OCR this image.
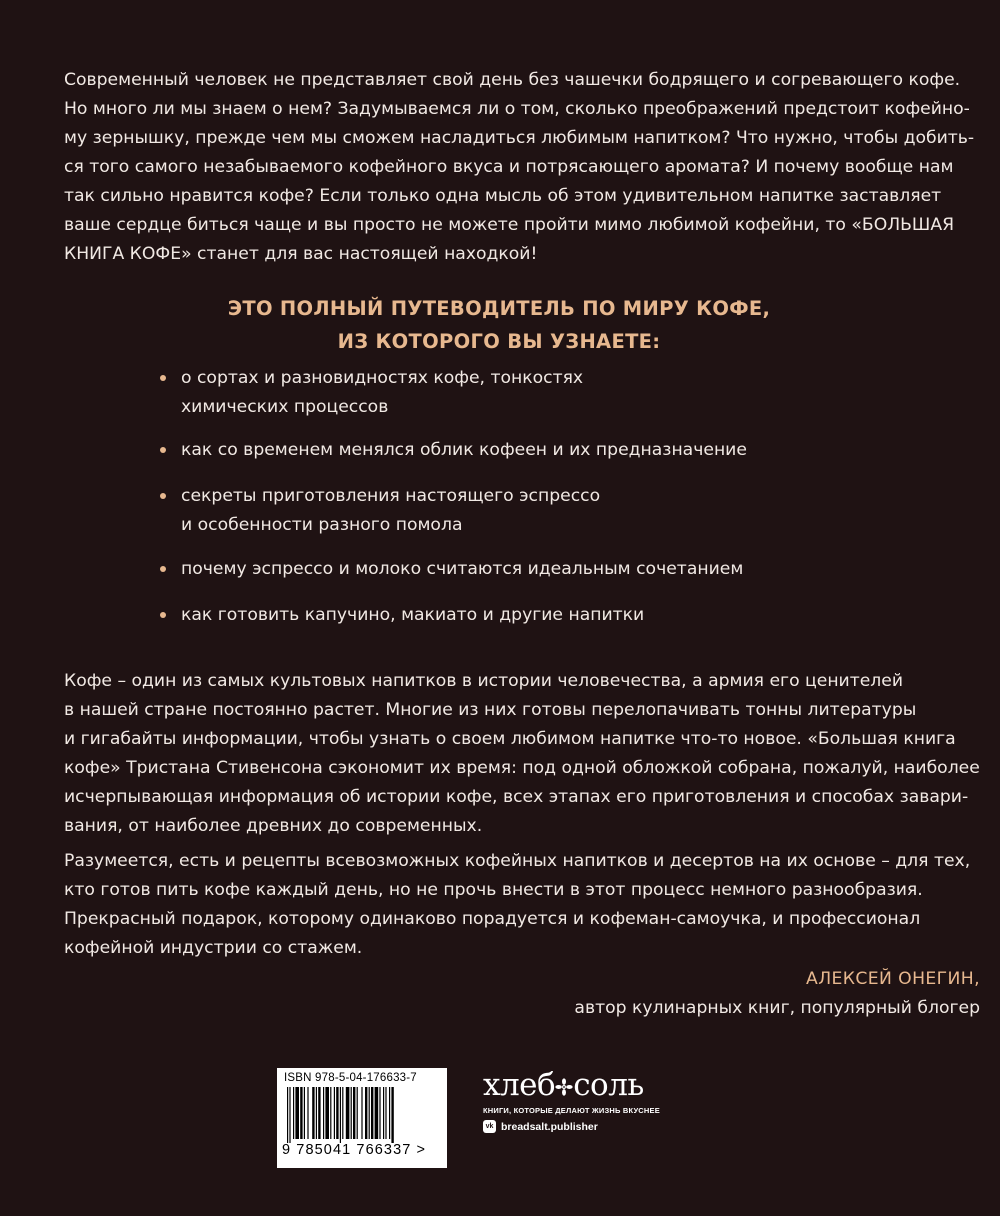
Современный человек не представляет свой день без чашечки бодрящего и согревающего кофе.
Но много ли мы знаем о нем? Задумываемся ли о том, сколько преображений предстоит кофейно-
му зернышку, прежде чем мы сможем насладиться любимым напитком? Что нужно, чтобы добить-
ся того самого незабываемого кофейного вкуса и потрясающего аромата? И почему вообще нам
так сильно нравится кофе? Если только одна мысль об этом удивительном напитке заставляет
ваше сердце биться чаще и вы просто не можете пройти мимо любимой кофейни, то «БОЛЬШАЯ
КНИГА КОФЕ» станет для вас настоящей находкой!
ЭТО ПОЛНЫЙ ПУТЕВОДИТЕЛЬ ПО МИРУ КОФЕ,
ИЗ КОТОРОГО ВЫ УЗНАЕТЕ:
о сортах и разновидностях кофе, тонкостях
химических процессов
как со временем менялся облик кофеен и их предназначение
секреты приготовления настоящего эспрессо
и особенности разного помола
почему эспрессо и молоко считаются идеальным сочетанием
как готовить капучино, макиато и другие напитки
Кофе – один из самых культовых напитков в истории человечества, а армия его ценителей
в нашей стране постоянно растет. Многие из них готовы перелопачивать тонны литературы
и гигабайты информации, чтобы узнать о своем любимом напитке что-то новое. «Большая книга
кофе» Тристана Стивенсона сэкономит их время: под одной обложкой собрана, пожалуй, наиболее
исчерпывающая информация об истории кофе, всех этапах его приготовления и способах завари-
вания, от наиболее древних до современных.
Разумеется, есть и рецепты всевозможных кофейных напитков и десертов на их основе – для тех,
кто готов пить кофе каждый день, но не прочь внести в этот процесс немного разнообразия.
Прекрасный подарок, которому одинаково порадуется и кофеман-самоучка, и профессионал
кофейной индустрии со стажем.
АЛЕКСЕЙ ОНЕГИН,
автор кулинарных книг, популярный блогер
ISBN 978-5-04-176633-7
9 785041 766337 >
хлеб соль
КНИГИ, КОТОРЫЕ ДЕЛАЮТ ЖИЗНЬ ВКУСНЕЕ
vk breadsalt.publisher
